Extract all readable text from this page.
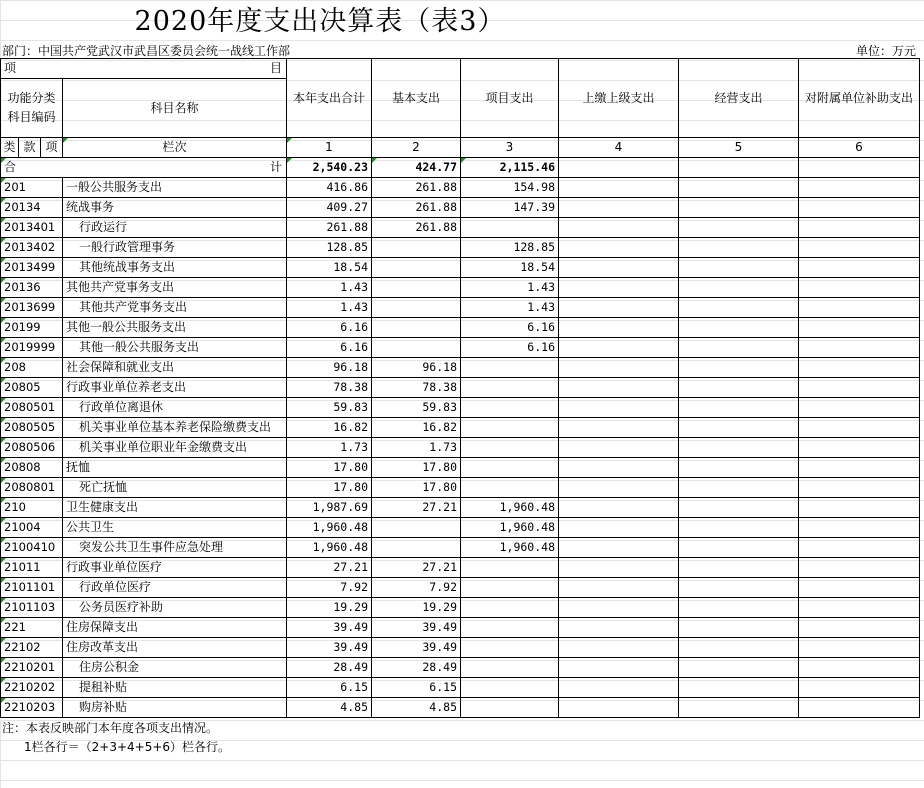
2020年度支出决算表（表3）
部门：中国共产党武汉市武昌区委员会统一战线工作部	单位：万元
项 目				本年支出合计	基本支出	项目支出	上缴上级支出	经营支出	对附属单位补助支出
功能分类
科目编码			科目名称						
类	款	项	栏次	1	2	3	4	5	6
合 计				2,540.23	424.77	2,115.46			
201			一般公共服务支出	416.86	261.88	154.98			
20134			统战事务	409.27	261.88	147.39			
2013401			行政运行	261.88	261.88				
2013402			一般行政管理事务	128.85		128.85			
2013499			其他统战事务支出	18.54		18.54			
20136			其他共产党事务支出	1.43		1.43			
2013699			其他共产党事务支出	1.43		1.43			
20199			其他一般公共服务支出	6.16		6.16			
2019999			其他一般公共服务支出	6.16		6.16			
208			社会保障和就业支出	96.18	96.18				
20805			行政事业单位养老支出	78.38	78.38				
2080501			行政单位离退休	59.83	59.83				
2080505			机关事业单位基本养老保险缴费支出	16.82	16.82				
2080506			机关事业单位职业年金缴费支出	1.73	1.73				
20808			抚恤	17.80	17.80				
2080801			死亡抚恤	17.80	17.80				
210			卫生健康支出	1,987.69	27.21	1,960.48			
21004			公共卫生	1,960.48		1,960.48			
2100410			突发公共卫生事件应急处理	1,960.48		1,960.48			
21011			行政事业单位医疗	27.21	27.21				
2101101			行政单位医疗	7.92	7.92				
2101103			公务员医疗补助	19.29	19.29				
221			住房保障支出	39.49	39.49				
22102			住房改革支出	39.49	39.49				
2210201			住房公积金	28.49	28.49				
2210202			提租补贴	6.15	6.15				
2210203			购房补贴	4.85	4.85				
注：本表反映部门本年度各项支出情况。
1栏各行＝（2+3+4+5+6）栏各行。
